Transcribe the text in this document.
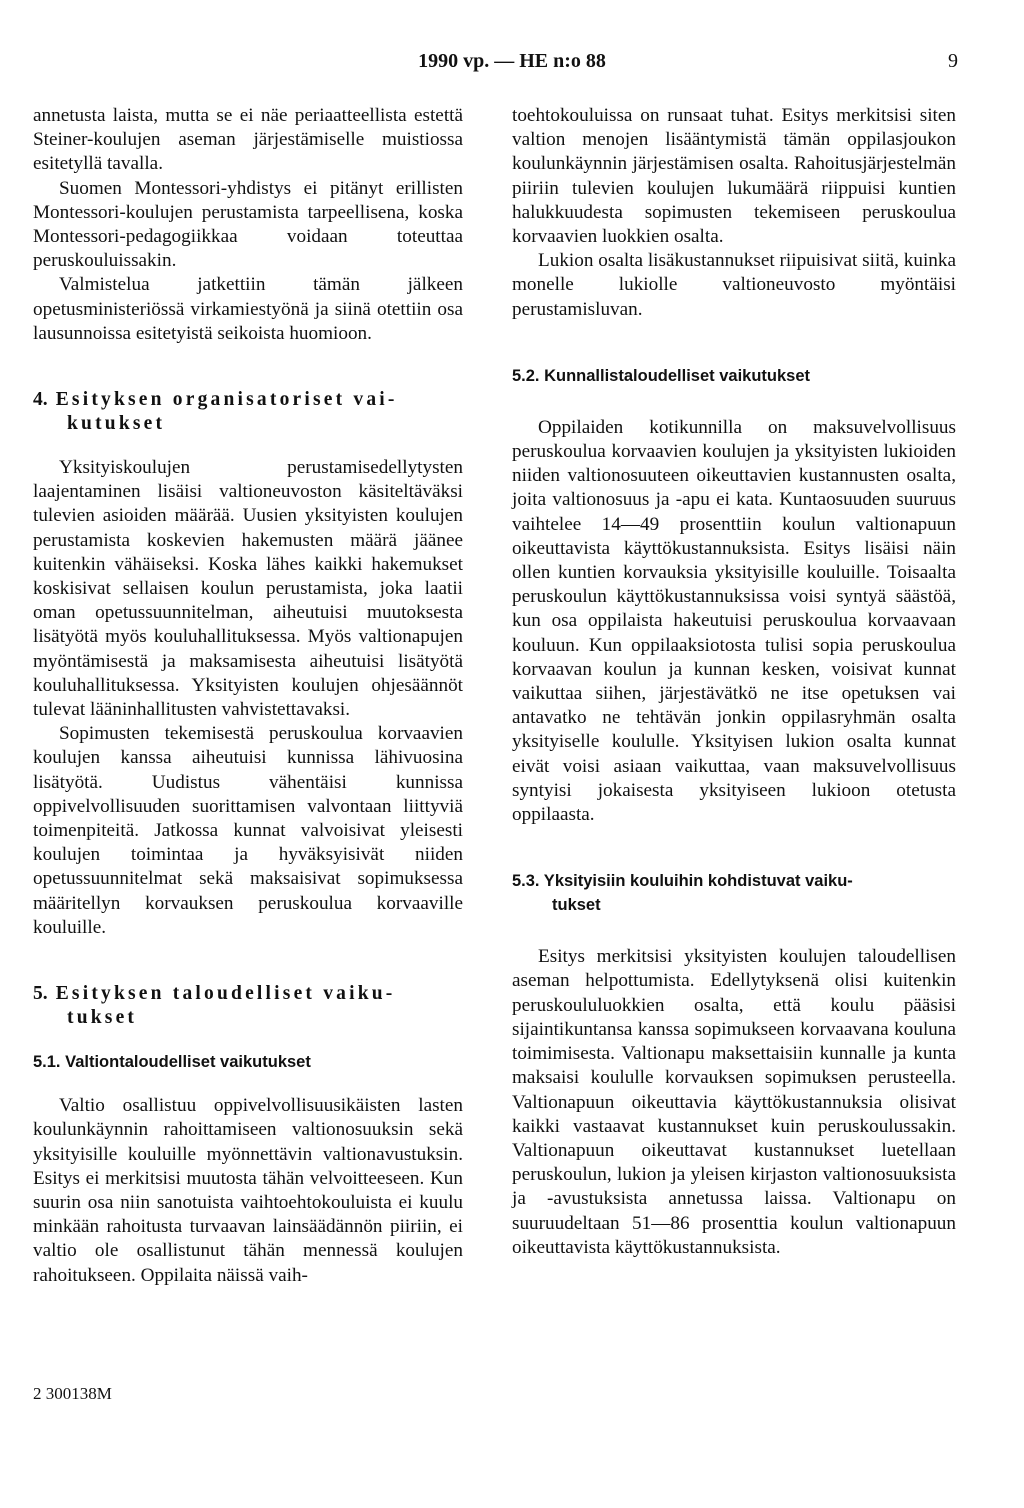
1990 vp. — HE n:o 88	9

annetusta laista, mutta se ei näe periaatteellista estettä Steiner-koulujen aseman järjestämiselle muistiossa esitetyllä tavalla.

Suomen Montessori-yhdistys ei pitänyt erillisten Montessori-koulujen perustamista tarpeellisena, koska Montessori-pedagogiikkaa voidaan toteuttaa peruskouluissakin.

Valmistelua jatkettiin tämän jälkeen opetusministeriössä virkamiestyönä ja siinä otettiin osa lausunnoissa esitetyistä seikoista huomioon.

4. Esityksen organisatoriset vai-
kutukset

Yksityiskoulujen perustamisedellytysten laajentaminen lisäisi valtioneuvoston käsiteltäväksi tulevien asioiden määrää. Uusien yksityisten koulujen perustamista koskevien hakemusten määrä jäänee kuitenkin vähäiseksi. Koska lähes kaikki hakemukset koskisivat sellaisen koulun perustamista, joka laatii oman opetussuunnitelman, aiheutuisi muutoksesta lisätyötä myös kouluhallituksessa. Myös valtionapujen myöntämisestä ja maksamisesta aiheutuisi lisätyötä kouluhallituksessa. Yksityisten koulujen ohjesäännöt tulevat lääninhallitusten vahvistettavaksi.

Sopimusten tekemisestä peruskoulua korvaavien koulujen kanssa aiheutuisi kunnissa lähivuosina lisätyötä. Uudistus vähentäisi kunnissa oppivelvollisuuden suorittamisen valvontaan liittyviä toimenpiteitä. Jatkossa kunnat valvoisivat yleisesti koulujen toimintaa ja hyväksyisivät niiden opetussuunnitelmat sekä maksaisivat sopimuksessa määritellyn korvauksen peruskoulua korvaaville kouluille.

5. Esityksen taloudelliset vaiku-
tukset
5.1. Valtiontaloudelliset vaikutukset

Valtio osallistuu oppivelvollisuusikäisten lasten koulunkäynnin rahoittamiseen valtionosuuksin sekä yksityisille kouluille myönnettävin valtionavustuksin. Esitys ei merkitsisi muutosta tähän velvoitteeseen. Kun suurin osa niin sanotuista vaihtoehtokouluista ei kuulu minkään rahoitusta turvaavan lainsäädännön piiriin, ei valtio ole osallistunut tähän mennessä koulujen rahoitukseen. Oppilaita näissä vaih-

toehtokouluissa on runsaat tuhat. Esitys merkitsisi siten valtion menojen lisääntymistä tämän oppilasjoukon koulunkäynnin järjestämisen osalta. Rahoitusjärjestelmän piiriin tulevien koulujen lukumäärä riippuisi kuntien halukkuudesta sopimusten tekemiseen peruskoulua korvaavien luokkien osalta.

Lukion osalta lisäkustannukset riipuisivat siitä, kuinka monelle lukiolle valtioneuvosto myöntäisi perustamisluvan.

5.2. Kunnallistaloudelliset vaikutukset

Oppilaiden kotikunnilla on maksuvelvollisuus peruskoulua korvaavien koulujen ja yksityisten lukioiden niiden valtionosuuteen oikeuttavien kustannusten osalta, joita valtionosuus ja -apu ei kata. Kuntaosuuden suuruus vaihtelee 14—49 prosenttiin koulun valtionapuun oikeuttavista käyttökustannuksista. Esitys lisäisi näin ollen kuntien korvauksia yksityisille kouluille. Toisaalta peruskoulun käyttökustannuksissa voisi syntyä säästöä, kun osa oppilaista hakeutuisi peruskoulua korvaavaan kouluun. Kun oppilaaksiotosta tulisi sopia peruskoulua korvaavan koulun ja kunnan kesken, voisivat kunnat vaikuttaa siihen, järjestävätkö ne itse opetuksen vai antavatko ne tehtävän jonkin oppilasryhmän osalta yksityiselle koululle. Yksityisen lukion osalta kunnat eivät voisi asiaan vaikuttaa, vaan maksuvelvollisuus syntyisi jokaisesta yksityiseen lukioon otetusta oppilaasta.

5.3. Yksityisiin kouluihin kohdistuvat vaiku-
tukset

Esitys merkitsisi yksityisten koulujen taloudellisen aseman helpottumista. Edellytyksenä olisi kuitenkin peruskoululuokkien osalta, että koulu pääsisi sijaintikuntansa kanssa sopimukseen korvaavana kouluna toimimisesta. Valtionapu maksettaisiin kunnalle ja kunta maksaisi koululle korvauksen sopimuksen perusteella. Valtionapuun oikeuttavia käyttökustannuksia olisivat kaikki vastaavat kustannukset kuin peruskoulussakin. Valtionapuun oikeuttavat kustannukset luetellaan peruskoulun, lukion ja yleisen kirjaston valtionosuuksista ja -avustuksista annetussa laissa. Valtionapu on suuruudeltaan 51—86 prosenttia koulun valtionapuun oikeuttavista käyttökustannuksista.

2 300138M
